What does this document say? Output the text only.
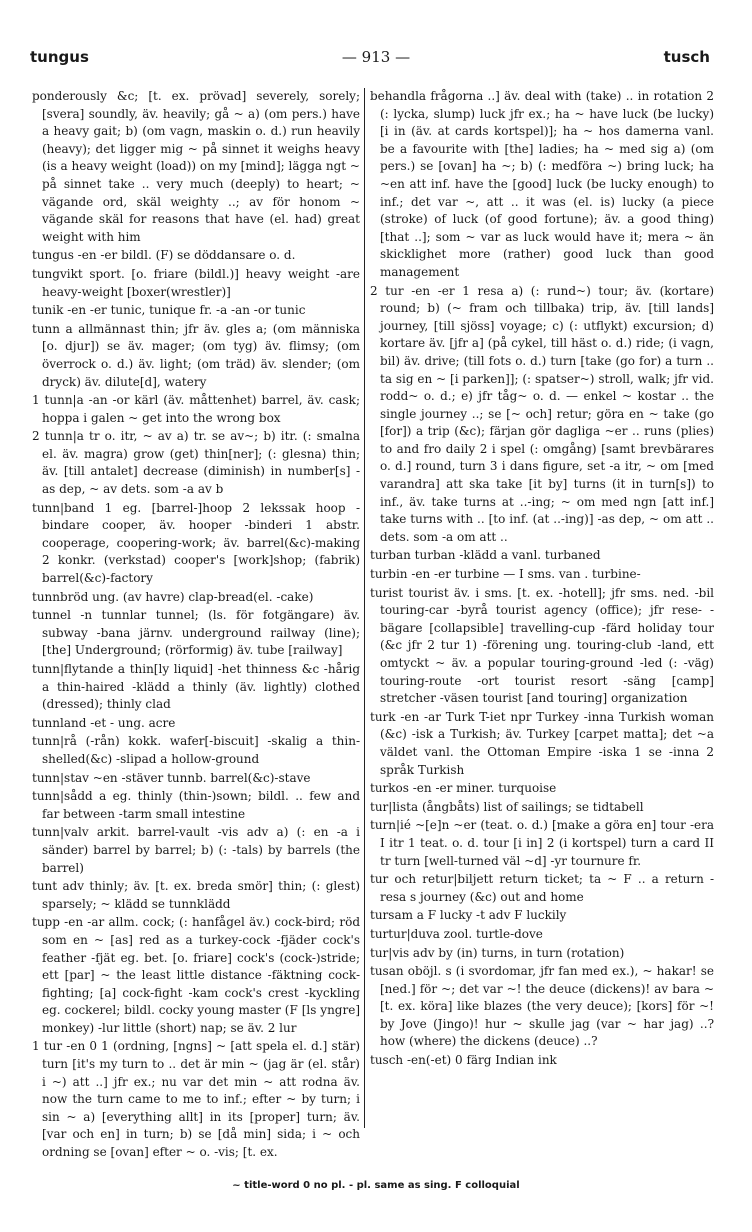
tungus	— 913 —	tusch

ponderously &c; [t. ex. prövad] severely, sorely; [svera] soundly, äv. heavily; gå ~ a) (om pers.) have a heavy gait; b) (om vagn, maskin o. d.) run heavily (heavy); det ligger mig ~ på sinnet it weighs heavy (is a heavy weight (load)) on my [mind]; lägga ngt ~ på sinnet take .. very much (deeply) to heart; ~ vägande ord, skäl weighty ..; av för honom ~ vägande skäl for reasons that have (el. had) great weight with him

tungus -en -er bildl. (F) se döddansare o. d.

tungvikt sport. [o. friare (bildl.)] heavy weight -are heavy-weight [boxer(wrestler)]

tunik -en -er tunic, tunique fr. -a -an -or tunic

tunn a allmännast thin; jfr äv. gles a; (om människa [o. djur]) se äv. mager; (om tyg) äv. flimsy; (om överrock o. d.) äv. light; (om träd) äv. slender; (om dryck) äv. dilute[d], watery

1 tunn|a -an -or kärl (äv. måttenhet) barrel, äv. cask; hoppa i galen ~ get into the wrong box

2 tunn|a tr o. itr, ~ av a) tr. se av~; b) itr. (: smalna el. äv. magra) grow (get) thin[ner]; (: glesna) thin; äv. [till antalet] decrease (diminish) in number[s] -as dep, ~ av dets. som -a av b

tunn|band 1 eg. [barrel-]hoop 2 lekssak hoop -bindare cooper, äv. hooper -binderi 1 abstr. cooperage, coopering-work; äv. barrel(&c)-making 2 konkr. (verkstad) cooper's [work]shop; (fabrik) barrel(&c)-factory

tunnbröd ung. (av havre) clap-bread(el. -cake)

tunnel -n tunnlar tunnel; (ls. för fotgängare) äv. subway -bana järnv. underground railway (line); [the] Underground; (rörformig) äv. tube [railway]

tunn|flytande a thin[ly liquid] -het thinness &c -hårig a thin-haired -klädd a thinly (äv. lightly) clothed (dressed); thinly clad

tunnland -et - ung. acre

tunn|rå (-rån) kokk. wafer[-biscuit] -skalig a thin-shelled(&c) -slipad a hollow-ground

tunn|stav ~en -stäver tunnb. barrel(&c)-stave

tunn|sådd a eg. thinly (thin-)sown; bildl. .. few and far between -tarm small intestine

tunn|valv arkit. barrel-vault -vis adv a) (: en -a i sänder) barrel by barrel; b) (: -tals) by barrels (the barrel)

tunt adv thinly; äv. [t. ex. breda smör] thin; (: glest) sparsely; ~ klädd se tunnklädd

tupp -en -ar allm. cock; (: hanfågel äv.) cock-bird; röd som en ~ [as] red as a turkey-cock -fjäder cock's feather -fjät eg. bet. [o. friare] cock's (cock-)stride; ett [par] ~ the least little distance -fäktning cock-fighting; [a] cock-fight -kam cock's crest -kyckling eg. cockerel; bildl. cocky young master (F [ls yngre] monkey) -lur little (short) nap; se äv. 2 lur

1 tur -en 0 1 (ordning, [ngns] ~ [att spela el. d.] stär) turn [it's my turn to .. det är min ~ (jag är (el. står) i ~) att ..] jfr ex.; nu var det min ~ att rodna äv. now the turn came to me to inf.; efter ~ by turn; i sin ~ a) [everything allt] in its [proper] turn; äv. [var och en] in turn; b) se [då min] sida; i ~ och ordning se [ovan] efter ~ o. -vis; [t. ex.

behandla frågorna ..] äv. deal with (take) .. in rotation 2 (: lycka, slump) luck jfr ex.; ha ~ have luck (be lucky) [i in (äv. at cards kortspel)]; ha ~ hos damerna vanl. be a favourite with [the] ladies; ha ~ med sig a) (om pers.) se [ovan] ha ~; b) (: medföra ~) bring luck; ha ~en att inf. have the [good] luck (be lucky enough) to inf.; det var ~, att .. it was (el. is) lucky (a piece (stroke) of luck (of good fortune); äv. a good thing) [that ..]; som ~ var as luck would have it; mera ~ än skicklighet more (rather) good luck than good management

2 tur -en -er 1 resa a) (: rund~) tour; äv. (kortare) round; b) (~ fram och tillbaka) trip, äv. [till lands] journey, [till sjöss] voyage; c) (: utflykt) excursion; d) kortare äv. [jfr a] (på cykel, till häst o. d.) ride; (i vagn, bil) äv. drive; (till fots o. d.) turn [take (go for) a turn .. ta sig en ~ [i parken]]; (: spatser~) stroll, walk; jfr vid. rodd~ o. d.; e) jfr tåg~ o. d. — enkel ~ kostar .. the single journey ..; se [~ och] retur; göra en ~ take (go [for]) a trip (&c); färjan gör dagliga ~er .. runs (plies) to and fro daily 2 i spel (: omgång) [samt brevbärares o. d.] round, turn 3 i dans figure, set -a itr, ~ om [med varandra] att ska take [it by] turns (it in turn[s]) to inf., äv. take turns at ..-ing; ~ om med ngn [att inf.] take turns with .. [to inf. (at ..-ing)] -as dep, ~ om att .. dets. som -a om att ..

turban turban -klädd a vanl. turbaned

turbin -en -er turbine — I sms. van . turbine-

turist tourist äv. i sms. [t. ex. -hotell]; jfr sms. ned. -bil touring-car -byrå tourist agency (office); jfr rese- -bägare [collapsible] travelling-cup -färd holiday tour (&c jfr 2 tur 1) -förening ung. touring-club -land, ett omtyckt ~ äv. a popular touring-ground -led (: -väg) touring-route -ort tourist resort -säng [camp] stretcher -väsen tourist [and touring] organization

turk -en -ar Turk T-iet npr Turkey -inna Turkish woman (&c) -isk a Turkish; äv. Turkey [carpet matta]; det ~a väldet vanl. the Ottoman Empire -iska 1 se -inna 2 språk Turkish

turkos -en -er miner. turquoise

tur|lista (ångbåts) list of sailings; se tidtabell

turn|ié ~[e]n ~er (teat. o. d.) [make a göra en] tour -era I itr 1 teat. o. d. tour [i in] 2 (i kortspel) turn a card II tr turn [well-turned väl ~d] -yr tournure fr.

tur och retur|biljett return ticket; ta ~ F .. a return -resa s journey (&c) out and home

tursam a F lucky -t adv F luckily

turtur|duva zool. turtle-dove

tur|vis adv by (in) turns, in turn (rotation)

tusan oböjl. s (i svordomar, jfr fan med ex.), ~ hakar! se [ned.] för ~; det var ~! the deuce (dickens)! av bara ~ [t. ex. köra] like blazes (the very deuce); [kors] för ~! by Jove (Jingo)! hur ~ skulle jag (var ~ har jag) ..? how (where) the dickens (deuce) ..?

tusch -en(-et) 0 färg Indian ink

~ title-word 0 no pl. - pl. same as sing. F colloquial
